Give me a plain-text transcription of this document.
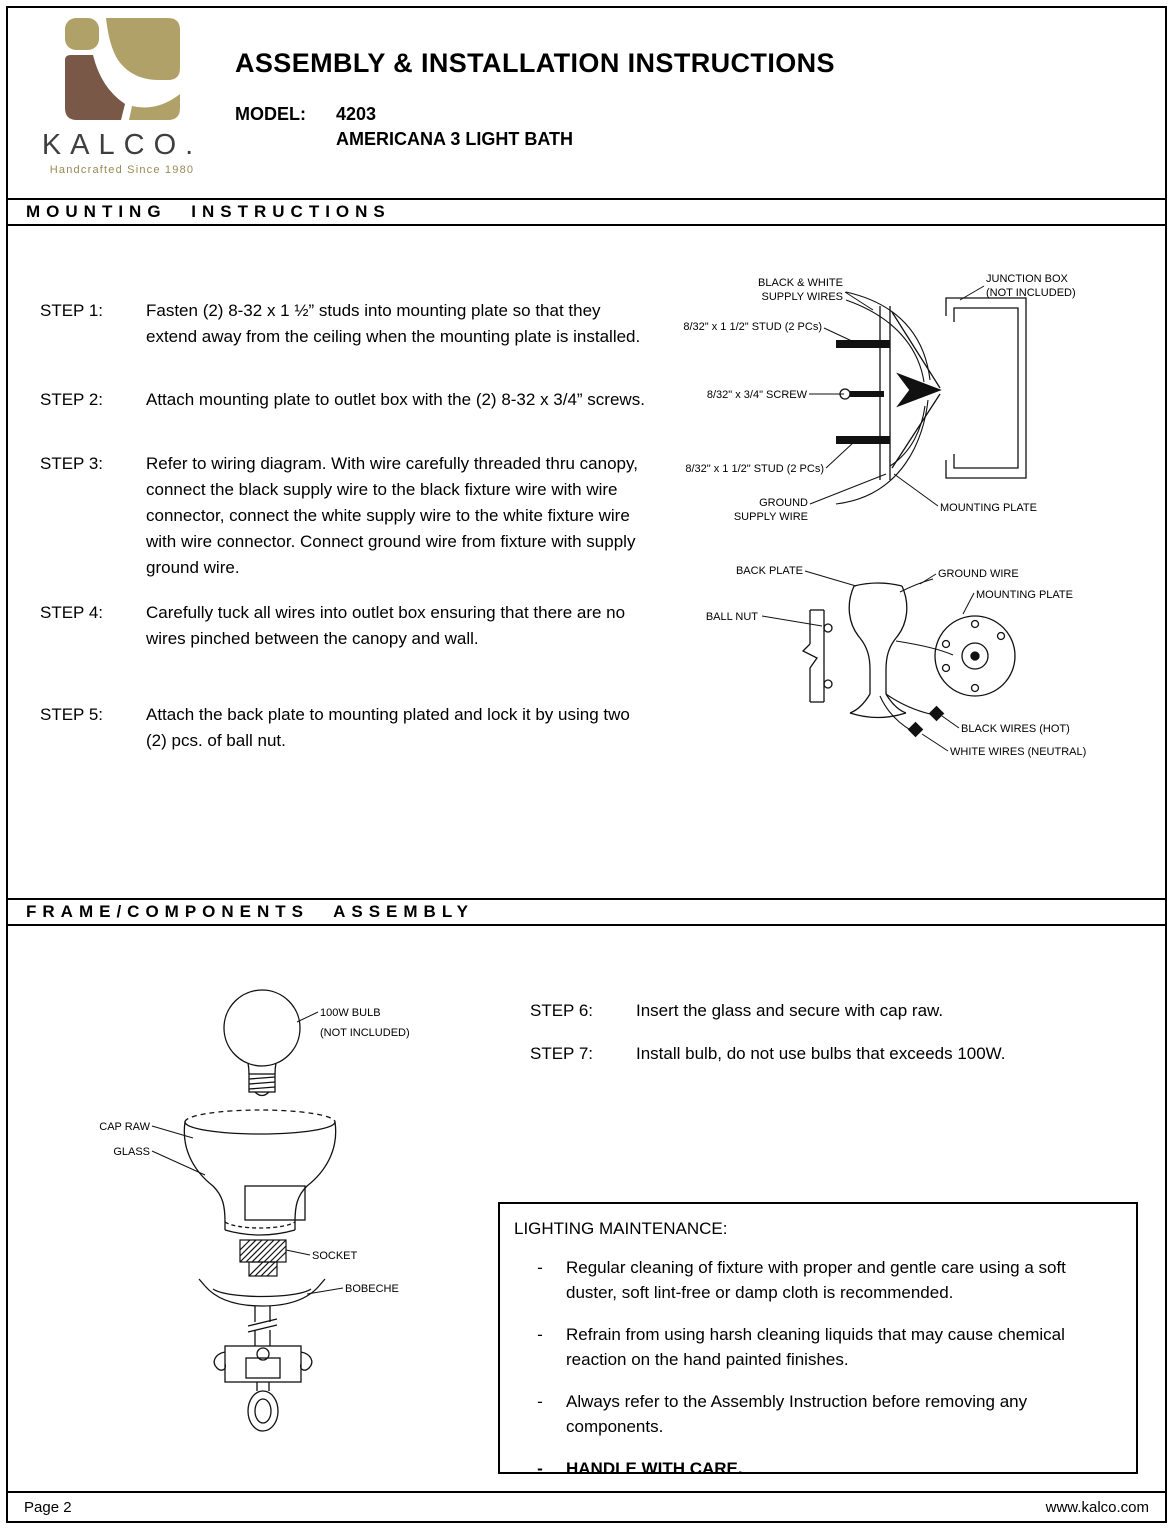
KALCO.
Handcrafted Since 1980
ASSEMBLY & INSTALLATION INSTRUCTIONS
MODEL:	4203
AMERICANA 3 LIGHT BATH
MOUNTING INSTRUCTIONS
STEP 1:	Fasten (2) 8-32 x 1 ½” studs into mounting plate so that they extend away from the ceiling when the mounting plate is installed.
STEP 2:	Attach mounting plate to outlet box with the (2) 8-32 x 3/4” screws.
STEP 3:	Refer to wiring diagram. With wire carefully threaded thru canopy, connect the black supply wire to the black fixture wire with wire connector, connect the white supply wire to the white fixture wire with wire connector. Connect ground wire from fixture with supply ground wire.
STEP 4:	Carefully tuck all wires into outlet box ensuring that there are no wires pinched between the canopy and wall.
STEP 5:	Attach the back plate to mounting plated and lock it by using two (2) pcs. of ball nut.
BLACK & WHITE
SUPPLY WIRES
JUNCTION BOX
(NOT INCLUDED)
8/32" x 1 1/2" STUD (2 PCs)
8/32" x 3/4" SCREW
8/32" x 1 1/2" STUD (2 PCs)
GROUND
SUPPLY WIRE
MOUNTING PLATE
BACK PLATE	GROUND WIRE
MOUNTING PLATE
BALL NUT
BLACK WIRES (HOT)
WHITE WIRES (NEUTRAL)
FRAME/COMPONENTS ASSEMBLY
100W BULB
(NOT INCLUDED)
CAP RAW
GLASS
SOCKET
BOBECHE
STEP 6:	Insert the glass and secure with cap raw.
STEP 7:	Install bulb, do not use bulbs that exceeds 100W.
LIGHTING MAINTENANCE:
-	Regular cleaning of fixture with proper and gentle care using a soft duster, soft lint-free or damp cloth is recommended.
-	Refrain from using harsh cleaning liquids that may cause chemical reaction on the hand painted finishes.
-	Always refer to the Assembly Instruction before removing any components.
-	HANDLE WITH CARE.
Page 2	www.kalco.com
